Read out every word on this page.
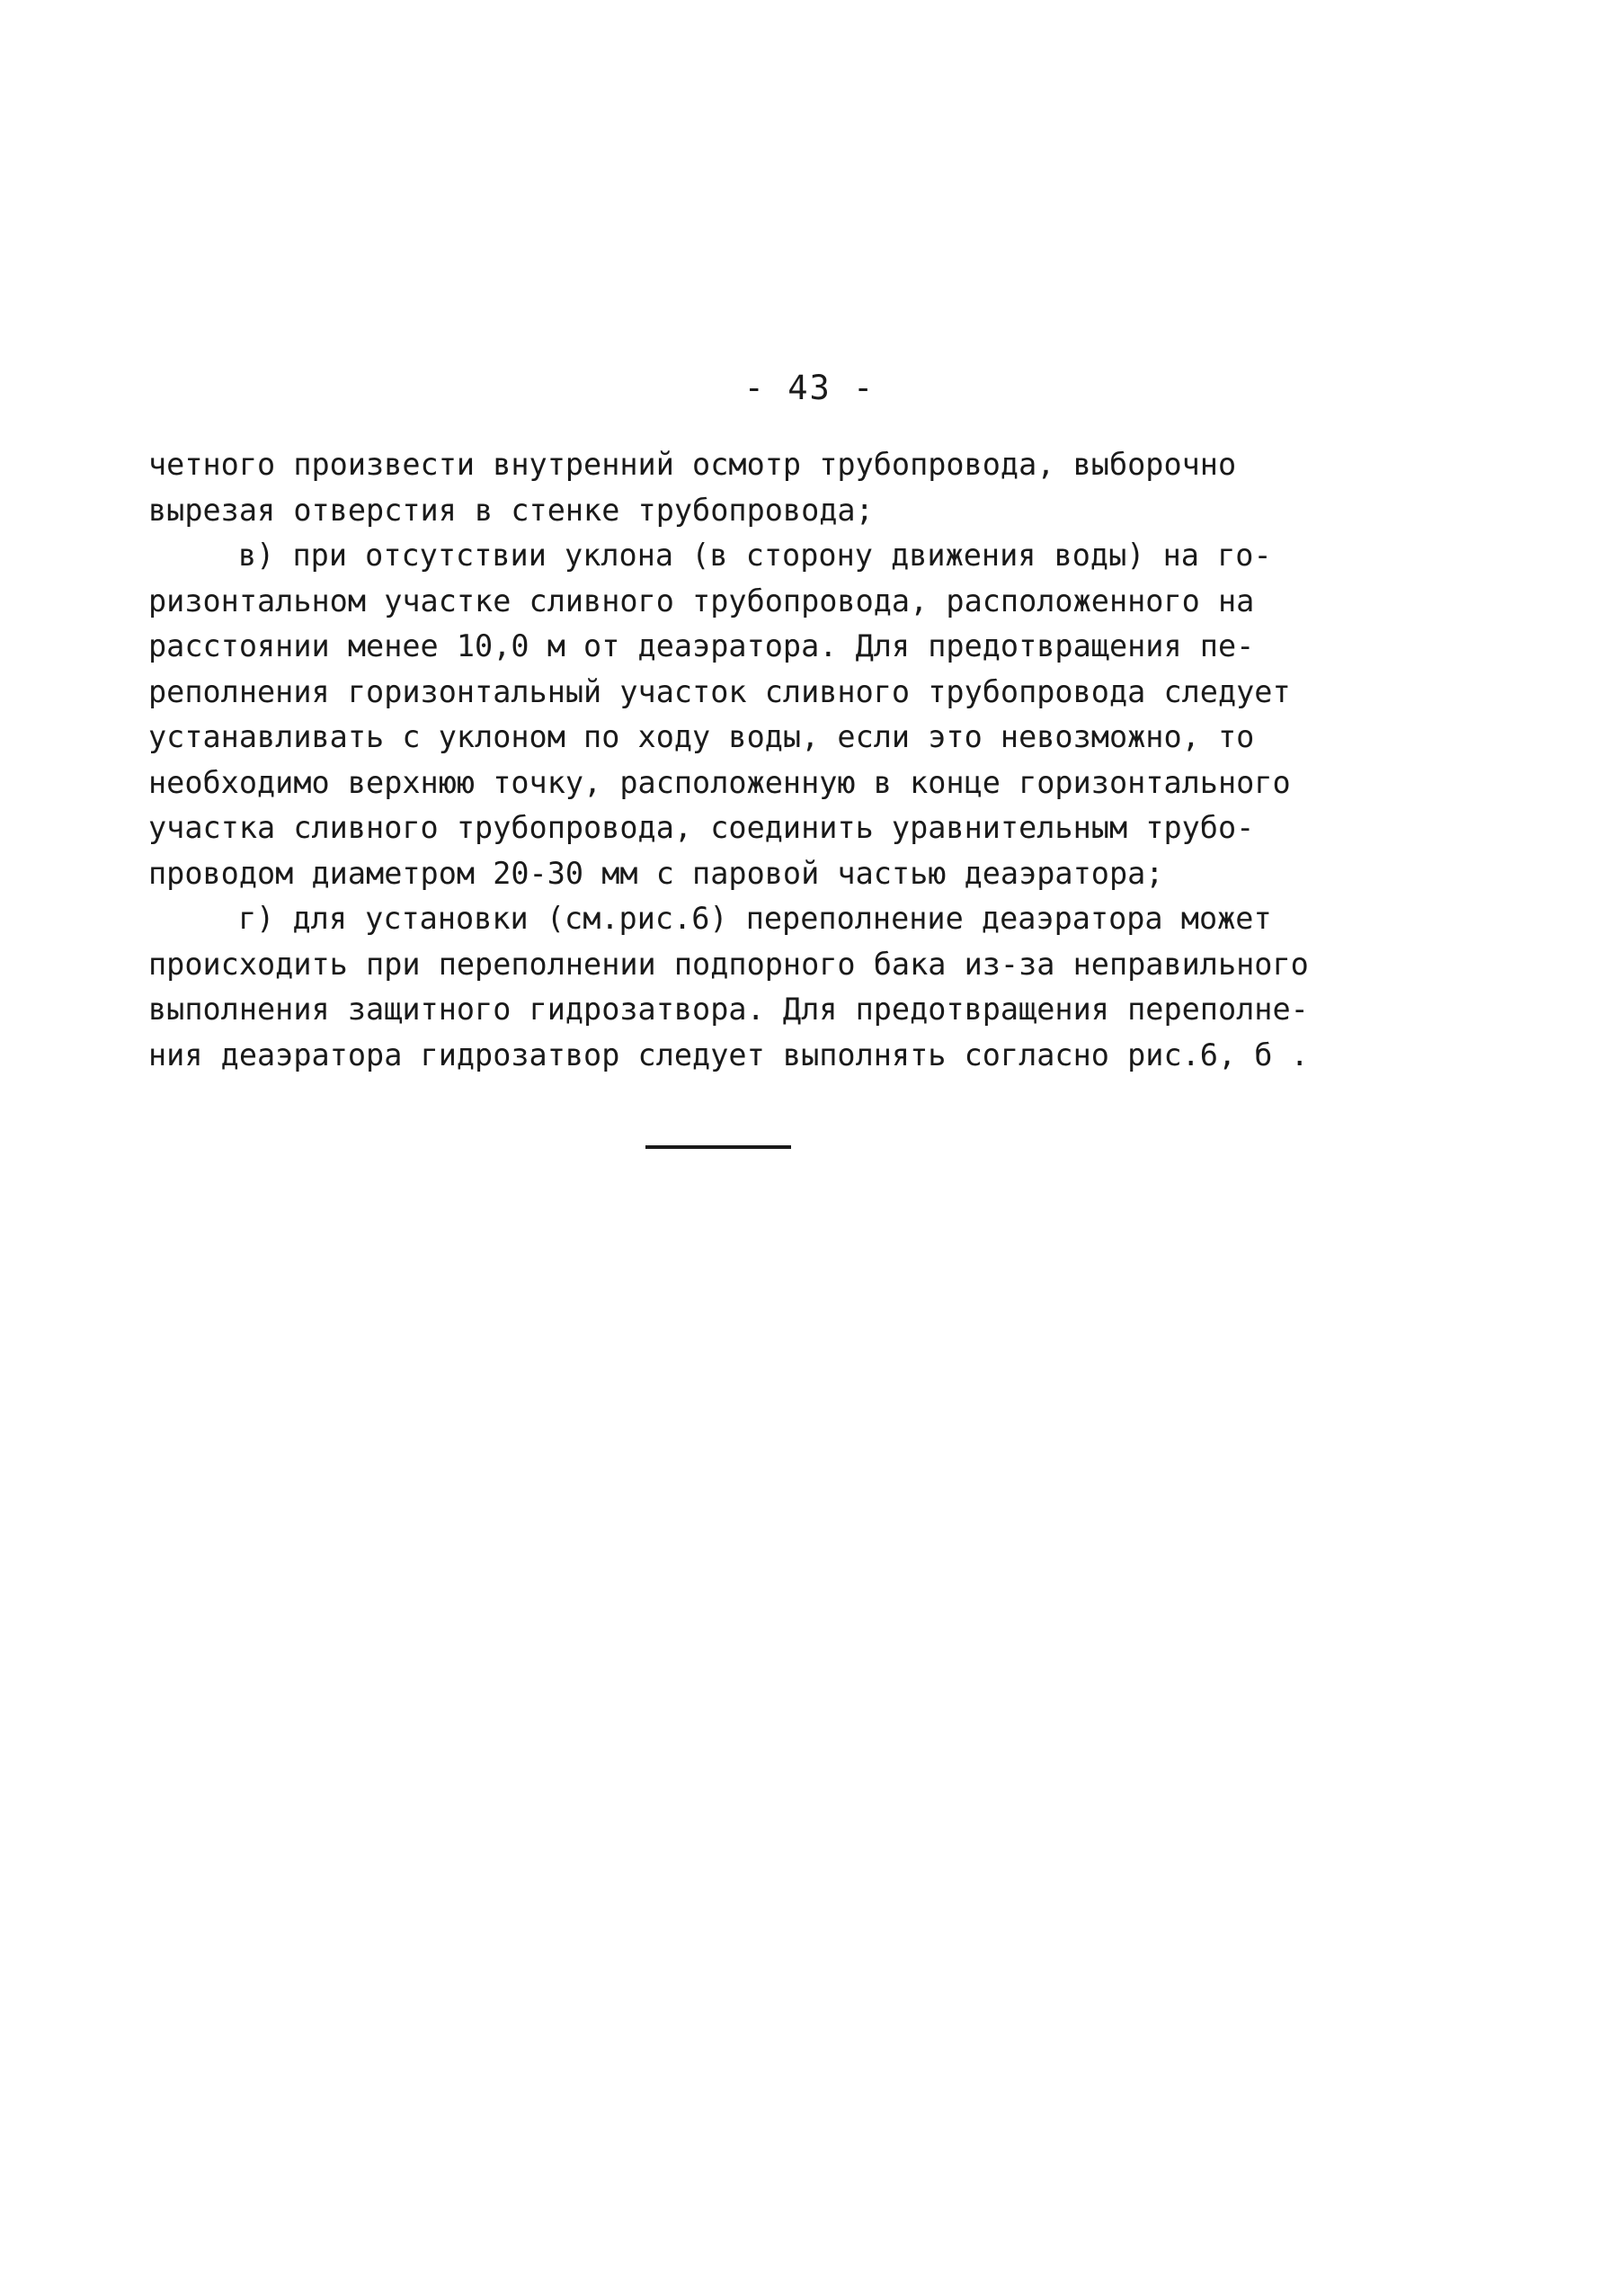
- 43 -
четного произвести внутренний осмотр трубопровода, выборочно
вырезая отверстия в стенке трубопровода;
в) при отсутствии уклона (в сторону движения воды) на го-
ризонтальном участке сливного трубопровода, расположенного на
расстоянии менее 10,0 м от деаэратора. Для предотвращения пе-
реполнения горизонтальный участок сливного трубопровода следует
устанавливать с уклоном по ходу воды, если это невозможно, то
необходимо верхнюю точку, расположенную в конце горизонтального
участка сливного трубопровода, соединить уравнительным трубо-
проводом диаметром 20-30 мм с паровой частью деаэратора;
г) для установки (см.рис.6) переполнение деаэратора может
происходить при переполнении подпорного бака из-за неправильного
выполнения защитного гидрозатвора. Для предотвращения переполне-
ния деаэратора гидрозатвор следует выполнять согласно рис.6, б .
